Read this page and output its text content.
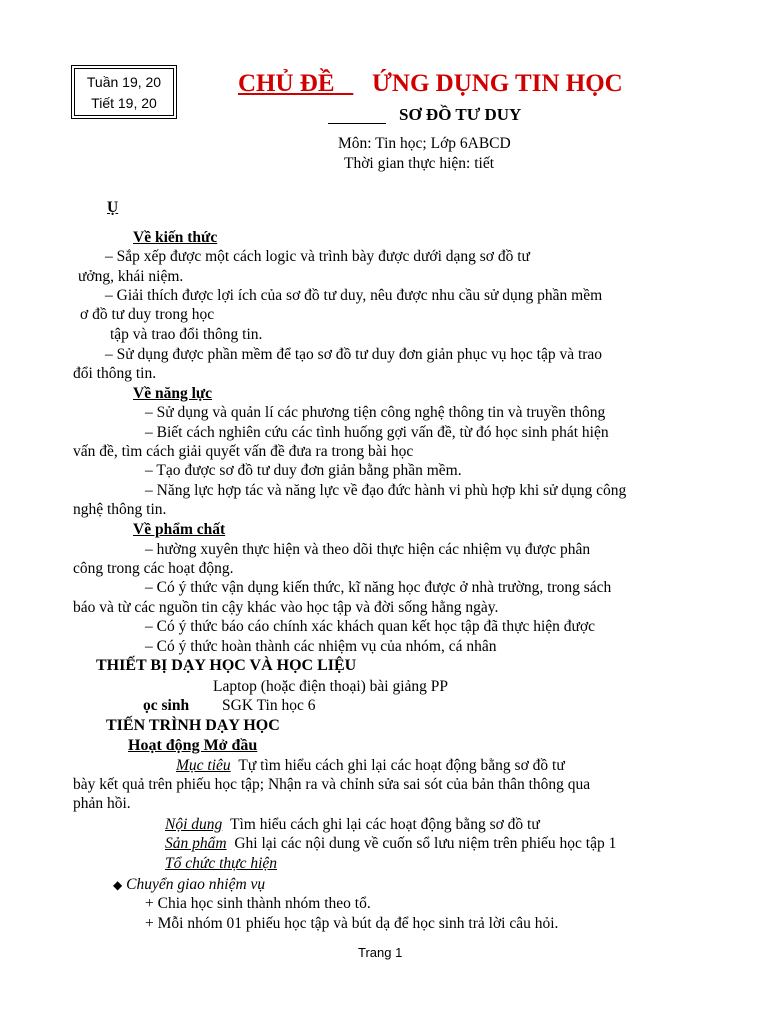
Tuần 19, 20
Tiết 19, 20
CHỦ ĐỀ	ỨNG DỤNG TIN HỌC
SƠ ĐỒ TƯ DUY
Môn: Tin học; Lớp 6ABCD
Thời gian thực hiện: tiết
Ụ
Về kiến thức
– Sắp xếp được một cách logic và trình bày được dưới dạng sơ đồ tư
ưởng, khái niệm.
– Giải thích được lợi ích của sơ đồ tư duy, nêu được nhu cầu sử dụng phần mềm
ơ đồ tư duy trong học
tập và trao đổi thông tin.
– Sử dụng được phần mềm để tạo sơ đồ tư duy đơn giản phục vụ học tập và trao
đổi thông tin.
Về năng lực
– Sử dụng và quản lí các phương tiện công nghệ thông tin và truyền thông
– Biết cách nghiên cứu các tình huống gợi vấn đề, từ đó học sinh phát hiện
vấn đề, tìm cách giải quyết vấn đề đưa ra trong bài học
– Tạo được sơ đồ tư duy đơn giản bằng phần mềm.
– Năng lực hợp tác và năng lực về đạo đức hành vi phù hợp khi sử dụng công
nghệ thông tin.
Về phẩm chất
– hường xuyên thực hiện và theo dõi thực hiện các nhiệm vụ được phân
công trong các hoạt động.
– Có ý thức vận dụng kiến thức, kĩ năng học được ở nhà trường, trong sách
báo và từ các nguồn tin cậy khác vào học tập và đời sống hằng ngày.
– Có ý thức báo cáo chính xác khách quan kết học tập đã thực hiện được
– Có ý thức hoàn thành các nhiệm vụ của nhóm, cá nhân
THIẾT BỊ DẠY HỌC VÀ HỌC LIỆU
Laptop (hoặc điện thoại) bài giảng PP
ọc sinh SGK Tin học 6
TIẾN TRÌNH DẠY HỌC
Hoạt động Mở đầu
Mục tiêu Tự tìm hiểu cách ghi lại các hoạt động bằng sơ đồ tư
bày kết quả trên phiếu học tập; Nhận ra và chỉnh sửa sai sót của bản thân thông qua
phản hồi.
Nội dung Tìm hiểu cách ghi lại các hoạt động bằng sơ đồ tư
Sản phẩm Ghi lại các nội dung về cuốn sổ lưu niệm trên phiếu học tập 1
Tổ chức thực hiện
◆ Chuyển giao nhiệm vụ
+ Chia học sinh thành nhóm theo tổ.
+ Mỗi nhóm 01 phiếu học tập và bút dạ để học sinh trả lời câu hỏi.
Trang 1
